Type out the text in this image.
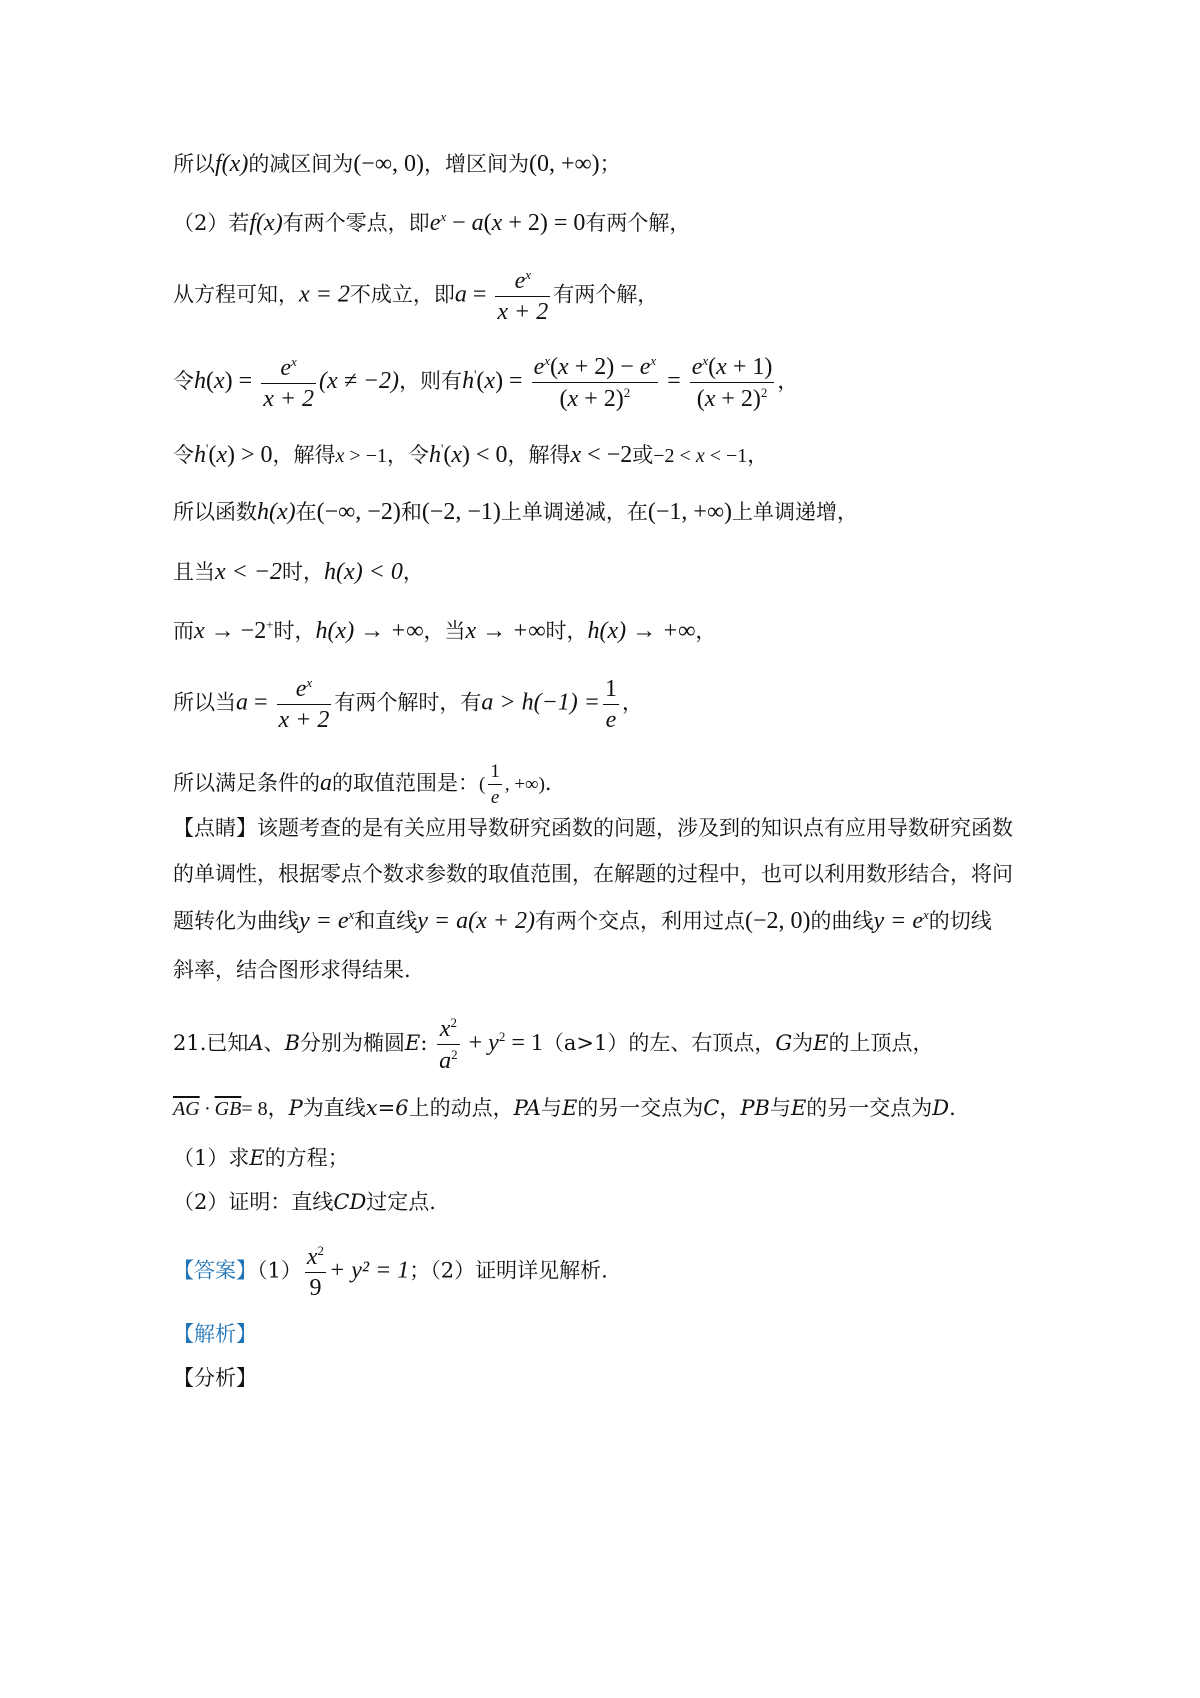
所以f(x)的减区间为(−∞, 0)，增区间为(0, +∞)；
（2）若f(x)有两个零点，即$e^x - a(x + 2) = 0$有两个解，
从方程可知，x = 2不成立，即$a = \frac{e^x}{x + 2}$ 有两个解，
令$h(x) = \frac{e^x}{x + 2} (x \ne -2)$，则有$h'(x) = \frac{e^x(x + 2) - e^x}{(x + 2)^2} = \frac{e^x(x + 1)}{(x + 2)^2}$ ，
令h'(x) > 0，解得x > −1，令h'(x) < 0，解得x < −2或−2 < x < −1，
所以函数h(x)在(−∞, −2)和(−2, −1)上单调递减，在(−1, +∞)上单调递增，
且当x < −2时，h(x) < 0，
而x → −2+时，h(x) → +∞，当x → +∞时，h(x) → +∞，
所以当$a = \frac{e^x}{x + 2}$ 有两个解时，有$a > h(-1) = \frac{1}{e}$ ，
所以满足条件的a的取值范围是：( $\frac{1}{e}$ , +∞).
【点睛】该题考查的是有关应用导数研究函数的问题，涉及到的知识点有应用导数研究函数
的单调性，根据零点个数求参数的取值范围，在解题的过程中，也可以利用数形结合，将问
题转化为曲线$y = e^x$和直线y = a(x + 2)有两个交点，利用过点(−2, 0)的曲线$y = e^x$的切线
斜率，结合图形求得结果.
21.已知A、B分别为椭圆E: $\frac{x^2}{a^2} + y^2 = 1(a>1)$的左、右顶点，G为E的上顶点，
$\overline{AG} \cdot \overline{GB}= 8$，P为直线x=6上的动点，PA与E的另一交点为C，PB与E的另一交点为D.
（1）求E的方程；
（2）证明：直线CD过定点.
【答案】$(1) \frac{x^2}{9} + y^2 = 1$；（2）证明详见解析.
【解析】
【分析】
